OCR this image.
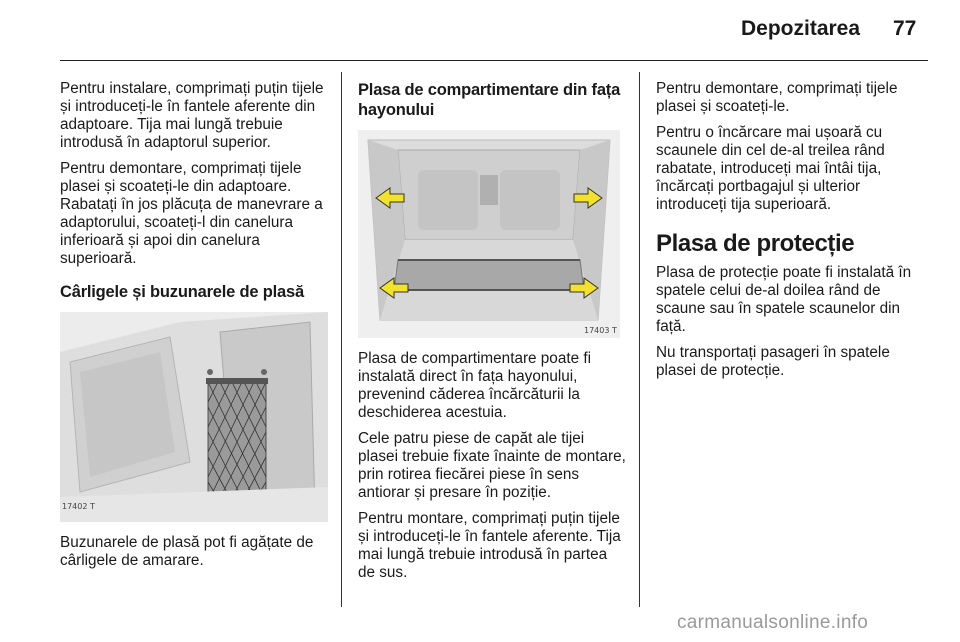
Depozitarea 77

Pentru instalare, comprimați puțin tijele și introduceți-le în fantele aferente din adaptoare. Tija mai lungă trebuie introdusă în adaptorul superior.

Pentru demontare, comprimați tijele plasei și scoateți-le din adaptoare. Rabatați în jos plăcuța de manevrare a adaptorului, scoateți-l din canelura inferioară și apoi din canelura superioară.

Cârligele și buzunarele de plasă
17402 T

Buzunarele de plasă pot fi agățate de cârligele de amarare.

Plasa de compartimentare din fața hayonului
17403 T

Plasa de compartimentare poate fi instalată direct în fața hayonului, prevenind căderea încărcăturii la deschiderea acestuia.

Cele patru piese de capăt ale tijei plasei trebuie fixate înainte de montare, prin rotirea fiecărei piese în sens antiorar și presare în poziție.

Pentru montare, comprimați puțin tijele și introduceți-le în fantele aferente. Tija mai lungă trebuie introdusă în partea de sus.

Pentru demontare, comprimați tijele plasei și scoateți-le.

Pentru o încărcare mai ușoară cu scaunele din cel de-al treilea rând rabatate, introduceți mai întâi tija, încărcați portbagajul și ulterior introduceți tija superioară.

Plasa de protecție

Plasa de protecție poate fi instalată în spatele celui de-al doilea rând de scaune sau în spatele scaunelor din față.

Nu transportați pasageri în spatele plasei de protecție.

carmanualsonline.info
